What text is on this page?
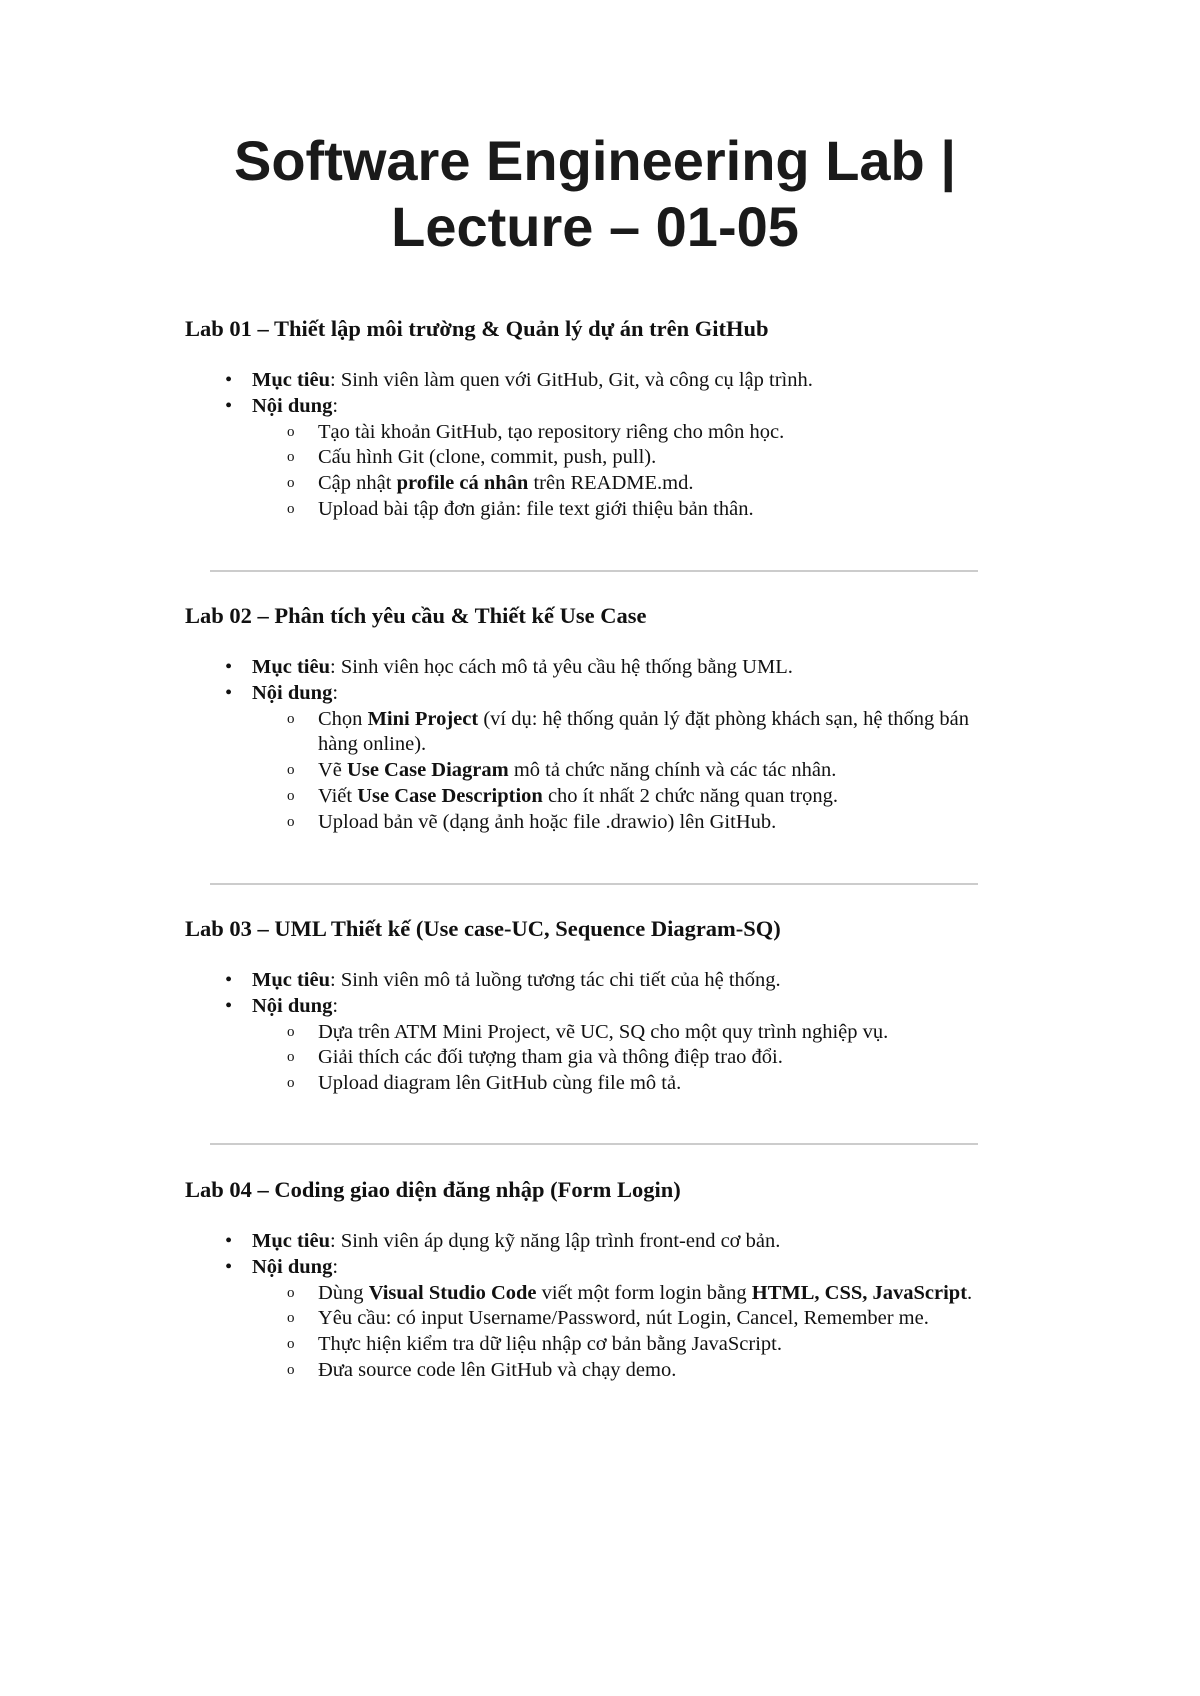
Software Engineering Lab |
Lecture – 01-05
Lab 01 – Thiết lập môi trường & Quản lý dự án trên GitHub
• Mục tiêu: Sinh viên làm quen với GitHub, Git, và công cụ lập trình.
• Nội dung:
o Tạo tài khoản GitHub, tạo repository riêng cho môn học.
o Cấu hình Git (clone, commit, push, pull).
o Cập nhật profile cá nhân trên README.md.
o Upload bài tập đơn giản: file text giới thiệu bản thân.
Lab 02 – Phân tích yêu cầu & Thiết kế Use Case
• Mục tiêu: Sinh viên học cách mô tả yêu cầu hệ thống bằng UML.
• Nội dung:
o Chọn Mini Project (ví dụ: hệ thống quản lý đặt phòng khách sạn, hệ thống bán hàng online).
o Vẽ Use Case Diagram mô tả chức năng chính và các tác nhân.
o Viết Use Case Description cho ít nhất 2 chức năng quan trọng.
o Upload bản vẽ (dạng ảnh hoặc file .drawio) lên GitHub.
Lab 03 – UML Thiết kế (Use case-UC, Sequence Diagram-SQ)
• Mục tiêu: Sinh viên mô tả luồng tương tác chi tiết của hệ thống.
• Nội dung:
o Dựa trên ATM Mini Project, vẽ UC, SQ cho một quy trình nghiệp vụ.
o Giải thích các đối tượng tham gia và thông điệp trao đổi.
o Upload diagram lên GitHub cùng file mô tả.
Lab 04 – Coding giao diện đăng nhập (Form Login)
• Mục tiêu: Sinh viên áp dụng kỹ năng lập trình front-end cơ bản.
• Nội dung:
o Dùng Visual Studio Code viết một form login bằng HTML, CSS, JavaScript.
o Yêu cầu: có input Username/Password, nút Login, Cancel, Remember me.
o Thực hiện kiểm tra dữ liệu nhập cơ bản bằng JavaScript.
o Đưa source code lên GitHub và chạy demo.
